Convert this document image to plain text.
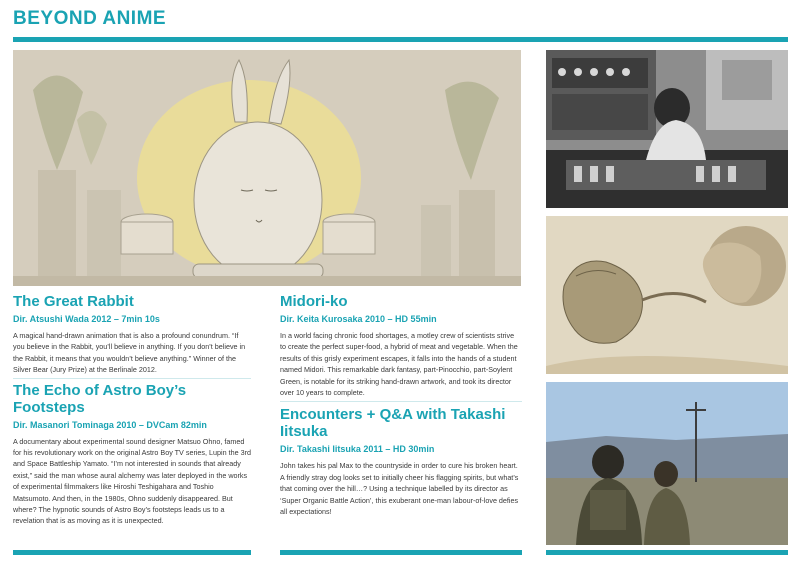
BEYOND ANIME
The Great Rabbit
Dir. Atsushi Wada 2012 – 7min 10s

A magical hand-drawn animation that is also a profound conundrum. “If you believe in the Rabbit, you’ll believe in anything. If you don’t believe in the Rabbit, it means that you wouldn’t believe anything.” Winner of the Silver Bear (Jury Prize) at the Berlinale 2012.

The Echo of Astro Boy’s Footsteps
Dir. Masanori Tominaga 2010 – DVCam 82min

A documentary about experimental sound designer Matsuo Ohno, famed for his revolutionary work on the original Astro Boy TV series, Lupin the 3rd and Space Battleship Yamato. “I’m not interested in sounds that already exist,” said the man whose aural alchemy was later deployed in the works of experimental filmmakers like Hiroshi Teshigahara and Toshio Matsumoto. And then, in the 1980s, Ohno suddenly disappeared. But where? The hypnotic sounds of Astro Boy’s footsteps leads us to a revelation that is as moving as it is unexpected.

Midori-ko
Dir. Keita Kurosaka 2010 – HD 55min

In a world facing chronic food shortages, a motley crew of scientists strive to create the perfect super-food, a hybrid of meat and vegetable. When the results of this grisly experiment escapes, it falls into the hands of a student named Midori. This remarkable dark fantasy, part-Pinocchio, part-Soylent Green, is notable for its striking hand-drawn artwork, and took its director over 10 years to complete.

Encounters + Q&A with Takashi Iitsuka
Dir. Takashi Iitsuka 2011 – HD 30min

John takes his pal Max to the countryside in order to cure his broken heart. A friendly stray dog looks set to initially cheer his flagging spirits, but what’s that coming over the hill…? Using a technique labelled by its director as ‘Super Organic Battle Action’, this exuberant one-man labour-of-love defies all expectations!
